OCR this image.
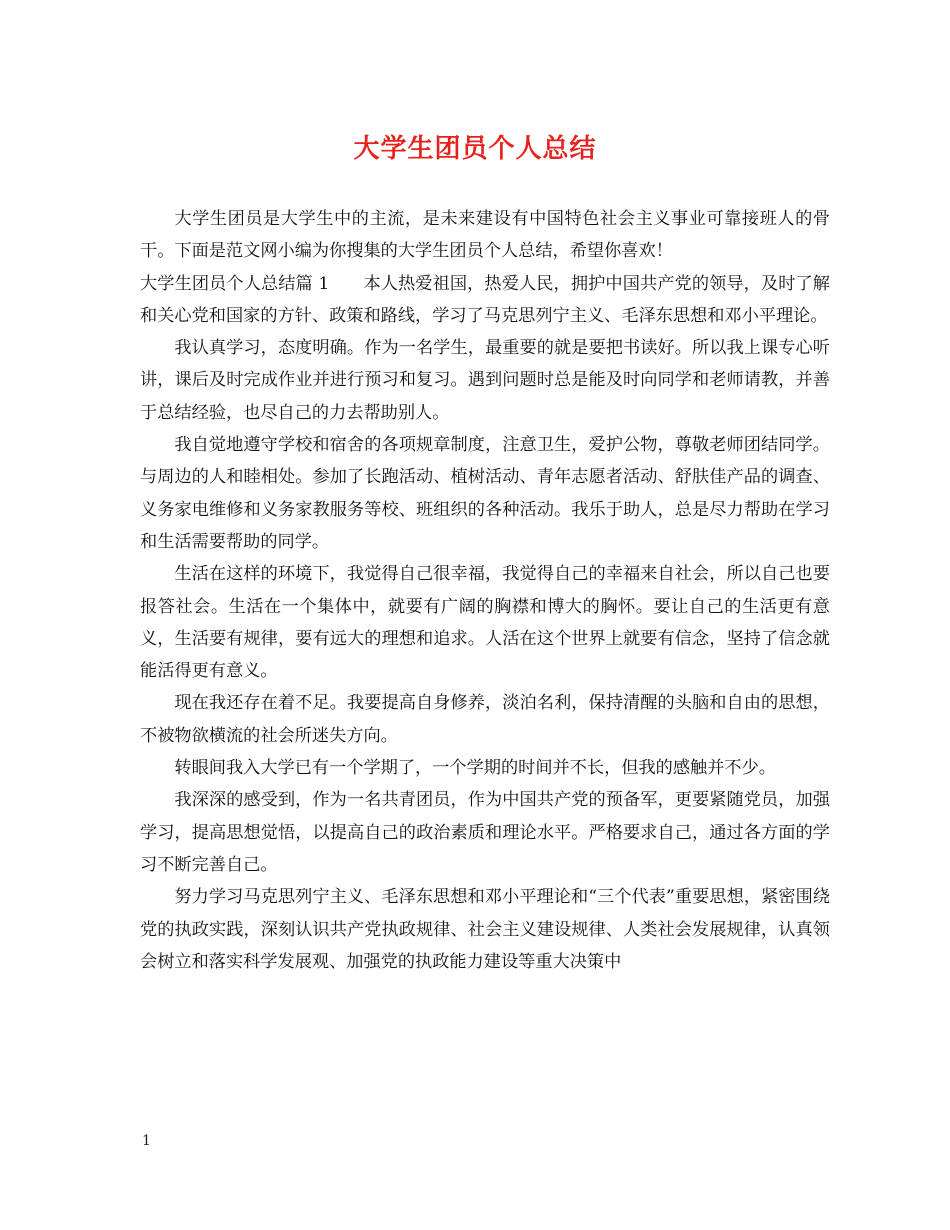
大学生团员个人总结

大学生团员是大学生中的主流，是未来建设有中国特色社会主义事业可靠接班人的骨干。下面是范文网小编为你搜集的大学生团员个人总结，希望你喜欢！

大学生团员个人总结篇 1 本人热爱祖国，热爱人民，拥护中国共产党的领导，及时了解和关心党和国家的方针、政策和路线，学习了马克思列宁主义、毛泽东思想和邓小平理论。

我认真学习，态度明确。作为一名学生，最重要的就是要把书读好。所以我上课专心听讲，课后及时完成作业并进行预习和复习。遇到问题时总是能及时向同学和老师请教，并善于总结经验，也尽自己的力去帮助别人。

我自觉地遵守学校和宿舍的各项规章制度，注意卫生，爱护公物，尊敬老师团结同学。与周边的人和睦相处。参加了长跑活动、植树活动、青年志愿者活动、舒肤佳产品的调查、义务家电维修和义务家教服务等校、班组织的各种活动。我乐于助人，总是尽力帮助在学习和生活需要帮助的同学。

生活在这样的环境下，我觉得自己很幸福，我觉得自己的幸福来自社会，所以自己也要报答社会。生活在一个集体中，就要有广阔的胸襟和博大的胸怀。要让自己的生活更有意义，生活要有规律，要有远大的理想和追求。人活在这个世界上就要有信念，坚持了信念就能活得更有意义。

现在我还存在着不足。我要提高自身修养，淡泊名利，保持清醒的头脑和自由的思想，不被物欲横流的社会所迷失方向。

转眼间我入大学已有一个学期了，一个学期的时间并不长，但我的感触并不少。

我深深的感受到，作为一名共青团员，作为中国共产党的预备军，更要紧随党员，加强学习，提高思想觉悟，以提高自己的政治素质和理论水平。严格要求自己，通过各方面的学习不断完善自己。

努力学习马克思列宁主义、毛泽东思想和邓小平理论和“三个代表”重要思想，紧密围绕党的执政实践，深刻认识共产党执政规律、社会主义建设规律、人类社会发展规律，认真领会树立和落实科学发展观、加强党的执政能力建设等重大决策中

1
